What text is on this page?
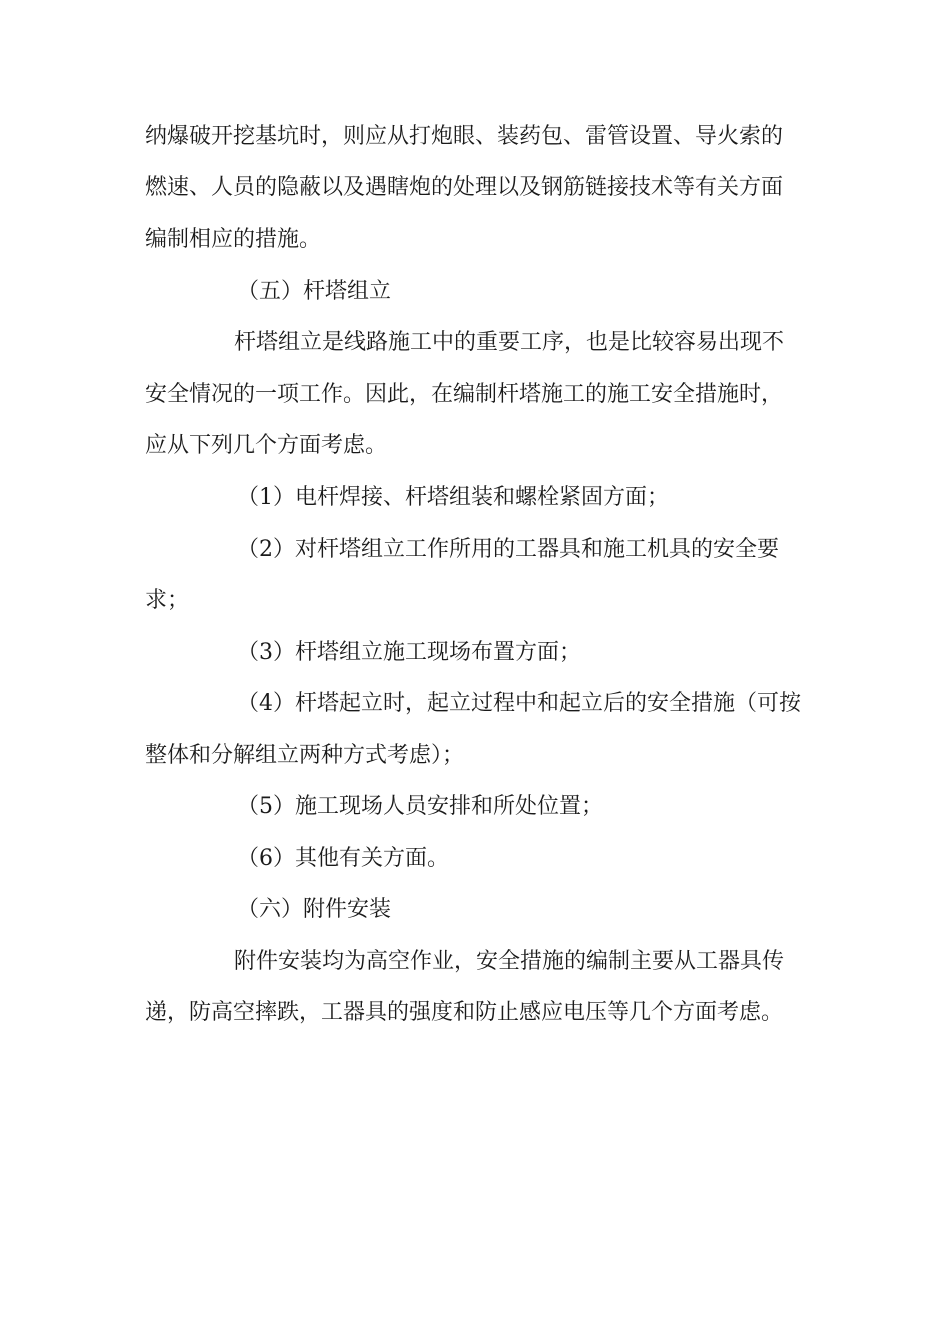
纳爆破开挖基坑时，则应从打炮眼、装药包、雷管设置、导火索的
燃速、人员的隐蔽以及遇瞎炮的处理以及钢筋链接技术等有关方面
编制相应的措施。
（五）杆塔组立
杆塔组立是线路施工中的重要工序，也是比较容易出现不
安全情况的一项工作。因此，在编制杆塔施工的施工安全措施时，
应从下列几个方面考虑。
（1）电杆焊接、杆塔组装和螺栓紧固方面；
（2）对杆塔组立工作所用的工器具和施工机具的安全要
求；
（3）杆塔组立施工现场布置方面；
（4）杆塔起立时，起立过程中和起立后的安全措施（可按
整体和分解组立两种方式考虑）；
（5）施工现场人员安排和所处位置；
（6）其他有关方面。
（六）附件安装
附件安装均为高空作业，安全措施的编制主要从工器具传
递，防高空摔跌，工器具的强度和防止感应电压等几个方面考虑。
